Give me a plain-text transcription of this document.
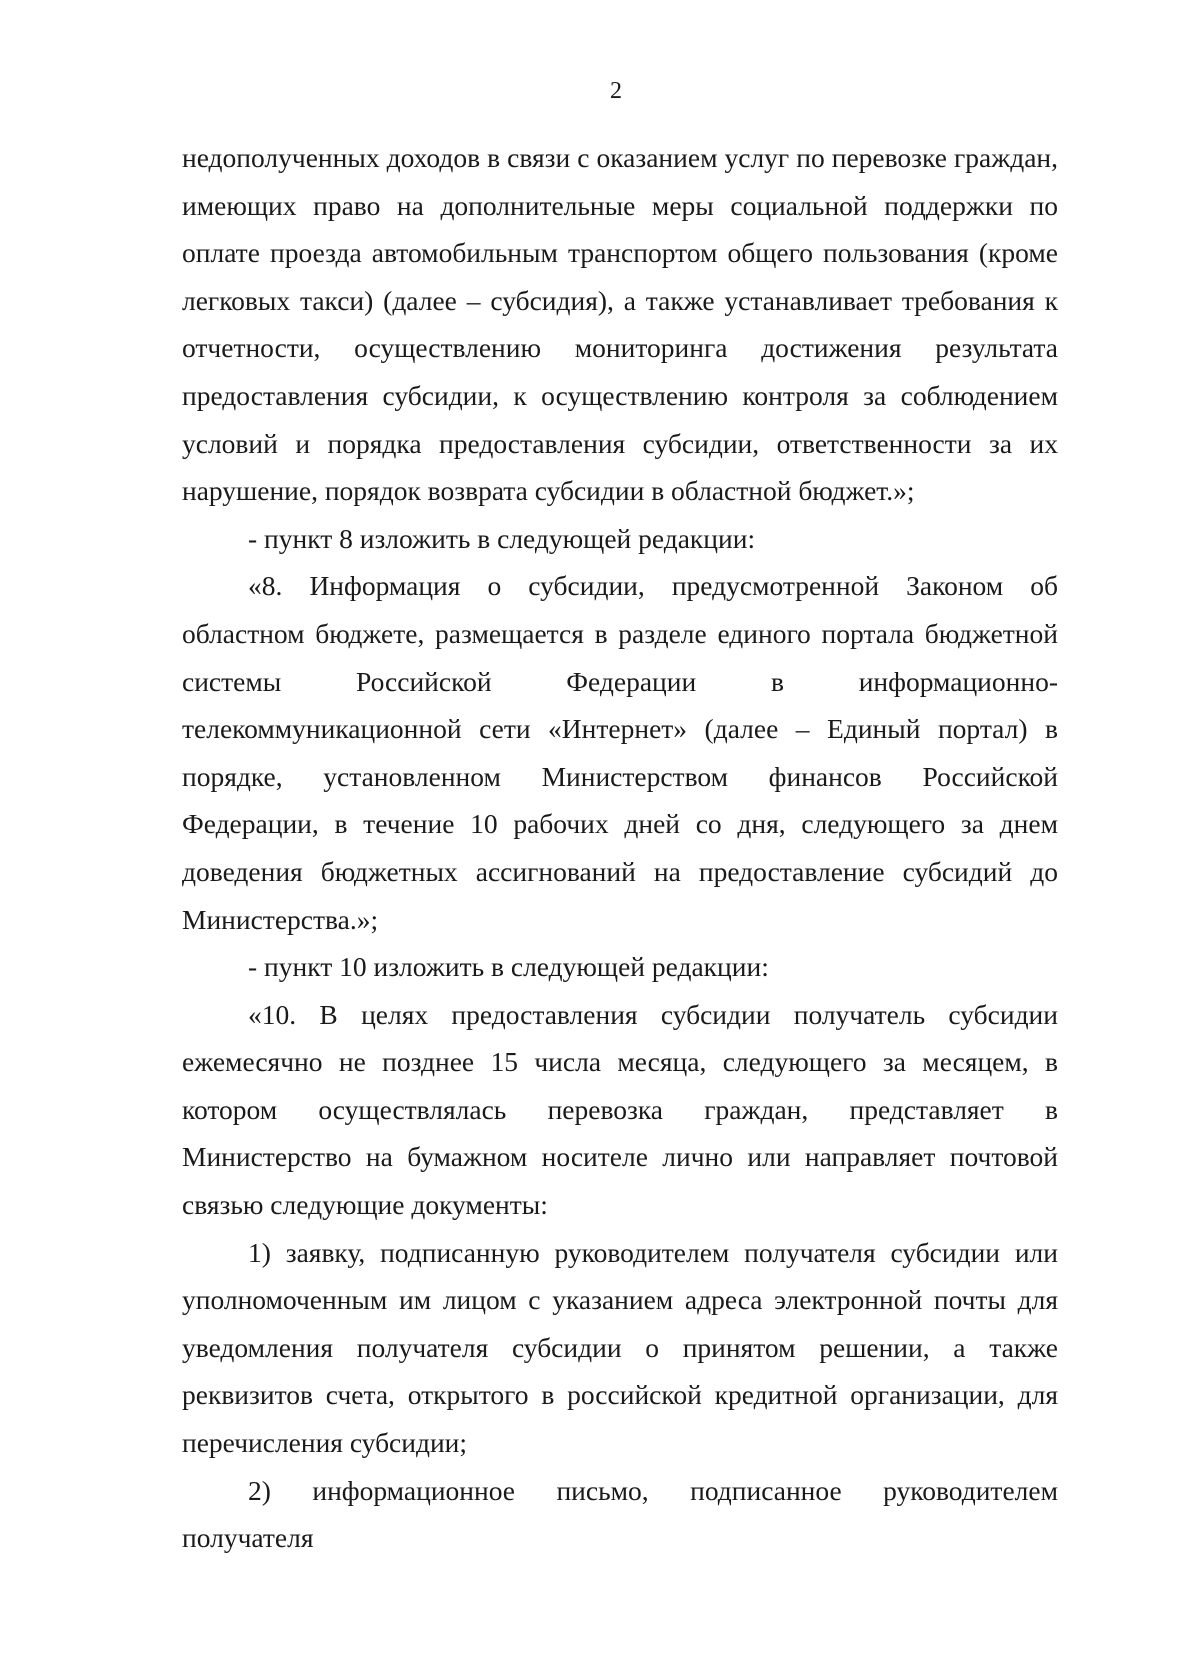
2

недополученных доходов в связи с оказанием услуг по перевозке граждан, имеющих право на дополнительные меры социальной поддержки по оплате проезда автомобильным транспортом общего пользования (кроме легковых такси) (далее – субсидия), а также устанавливает требования к отчетности, осуществлению мониторинга достижения результата предоставления субсидии, к осуществлению контроля за соблюдением условий и порядка предоставления субсидии, ответственности за их нарушение, порядок возврата субсидии в областной бюджет.»;

- пункт 8 изложить в следующей редакции:

«8. Информация о субсидии, предусмотренной Законом об областном бюджете, размещается в разделе единого портала бюджетной системы Российской Федерации в информационно-телекоммуникационной сети «Интернет» (далее – Единый портал) в порядке, установленном Министерством финансов Российской Федерации, в течение 10 рабочих дней со дня, следующего за днем доведения бюджетных ассигнований на предоставление субсидий до Министерства.»;

- пункт 10 изложить в следующей редакции:

«10. В целях предоставления субсидии получатель субсидии ежемесячно не позднее 15 числа месяца, следующего за месяцем, в котором осуществлялась перевозка граждан, представляет в Министерство на бумажном носителе лично или направляет почтовой связью следующие документы:

1) заявку, подписанную руководителем получателя субсидии или уполномоченным им лицом с указанием адреса электронной почты для уведомления получателя субсидии о принятом решении, а также реквизитов счета, открытого в российской кредитной организации, для перечисления субсидии;

2) информационное письмо, подписанное руководителем получателя
